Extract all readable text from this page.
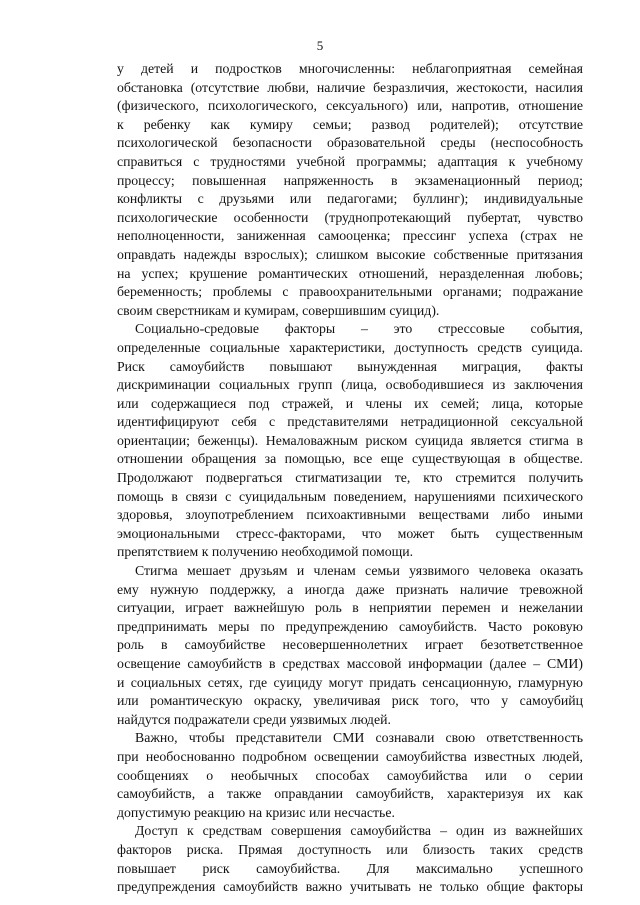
5
у детей и подростков многочисленны: неблагоприятная семейная
обстановка (отсутствие любви, наличие безразличия, жестокости, насилия
(физического, психологического, сексуального) или, напротив, отношение
к ребенку как кумиру семьи; развод родителей); отсутствие
психологической безопасности образовательной среды (неспособность
справиться с трудностями учебной программы; адаптация к учебному
процессу; повышенная напряженность в экзаменационный период;
конфликты с друзьями или педагогами; буллинг); индивидуальные
психологические особенности (труднопротекающий пубертат, чувство
неполноценности, заниженная самооценка; прессинг успеха (страх не
оправдать надежды взрослых); слишком высокие собственные притязания
на успех; крушение романтических отношений, неразделенная любовь;
беременность; проблемы с правоохранительными органами; подражание
своим сверстникам и кумирам, совершившим суицид).
Социально-средовые факторы – это стрессовые события,
определенные социальные характеристики, доступность средств суицида.
Риск самоубийств повышают вынужденная миграция, факты
дискриминации социальных групп (лица, освободившиеся из заключения
или содержащиеся под стражей, и члены их семей; лица, которые
идентифицируют себя с представителями нетрадиционной сексуальной
ориентации; беженцы). Немаловажным риском суицида является стигма в
отношении обращения за помощью, все еще существующая в обществе.
Продолжают подвергаться стигматизации те, кто стремится получить
помощь в связи с суицидальным поведением, нарушениями психического
здоровья, злоупотреблением психоактивными веществами либо иными
эмоциональными стресс-факторами, что может быть существенным
препятствием к получению необходимой помощи.
Стигма мешает друзьям и членам семьи уязвимого человека оказать
ему нужную поддержку, а иногда даже признать наличие тревожной
ситуации, играет важнейшую роль в неприятии перемен и нежелании
предпринимать меры по предупреждению самоубийств. Часто роковую
роль в самоубийстве несовершеннолетних играет безответственное
освещение самоубийств в средствах массовой информации (далее – СМИ)
и социальных сетях, где суициду могут придать сенсационную, гламурную
или романтическую окраску, увеличивая риск того, что у самоубийц
найдутся подражатели среди уязвимых людей.
Важно, чтобы представители СМИ сознавали свою ответственность
при необоснованно подробном освещении самоубийства известных людей,
сообщениях о необычных способах самоубийства или о серии
самоубийств, а также оправдании самоубийств, характеризуя их как
допустимую реакцию на кризис или несчастье.
Доступ к средствам совершения самоубийства – один из важнейших
факторов риска. Прямая доступность или близость таких средств
повышает риск самоубийства. Для максимально успешного
предупреждения самоубийств важно учитывать не только общие факторы
